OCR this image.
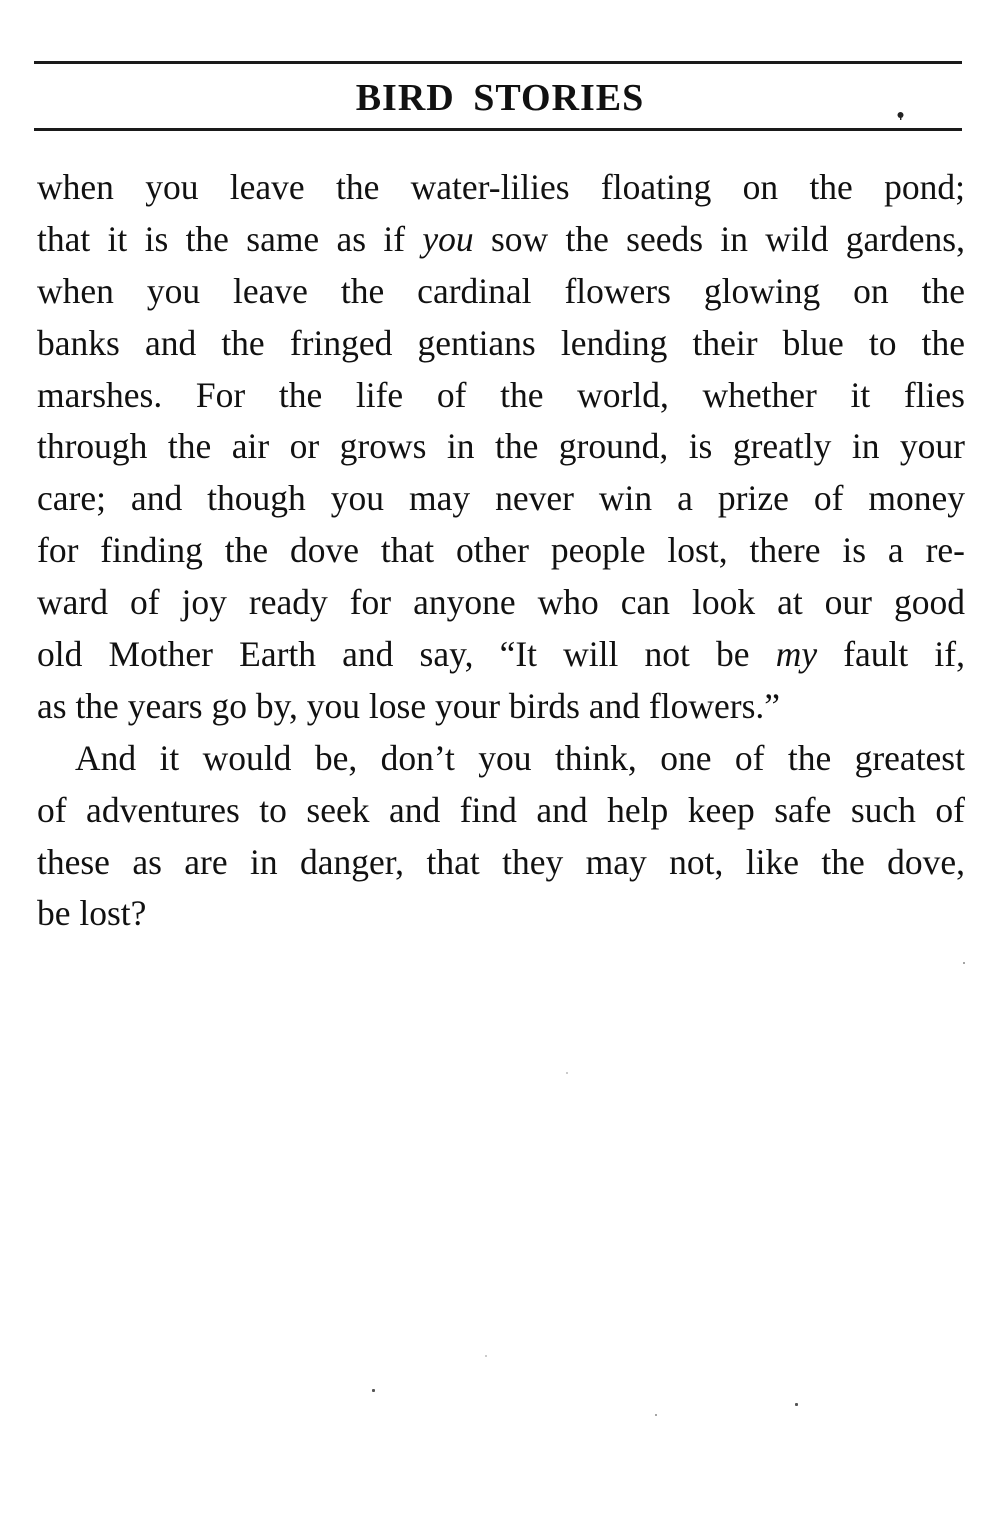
BIRD STORIES
when you leave the water-lilies floating on the pond;
that it is the same as if you sow the seeds in wild gardens,
when you leave the cardinal flowers glowing on the
banks and the fringed gentians lending their blue to the
marshes. For the life of the world, whether it flies
through the air or grows in the ground, is greatly in your
care; and though you may never win a prize of money
for finding the dove that other people lost, there is a re-
ward of joy ready for anyone who can look at our good
old Mother Earth and say, “It will not be my fault if,
as the years go by, you lose your birds and flowers.”
And it would be, don’t you think, one of the greatest
of adventures to seek and find and help keep safe such of
these as are in danger, that they may not, like the dove,
be lost?
